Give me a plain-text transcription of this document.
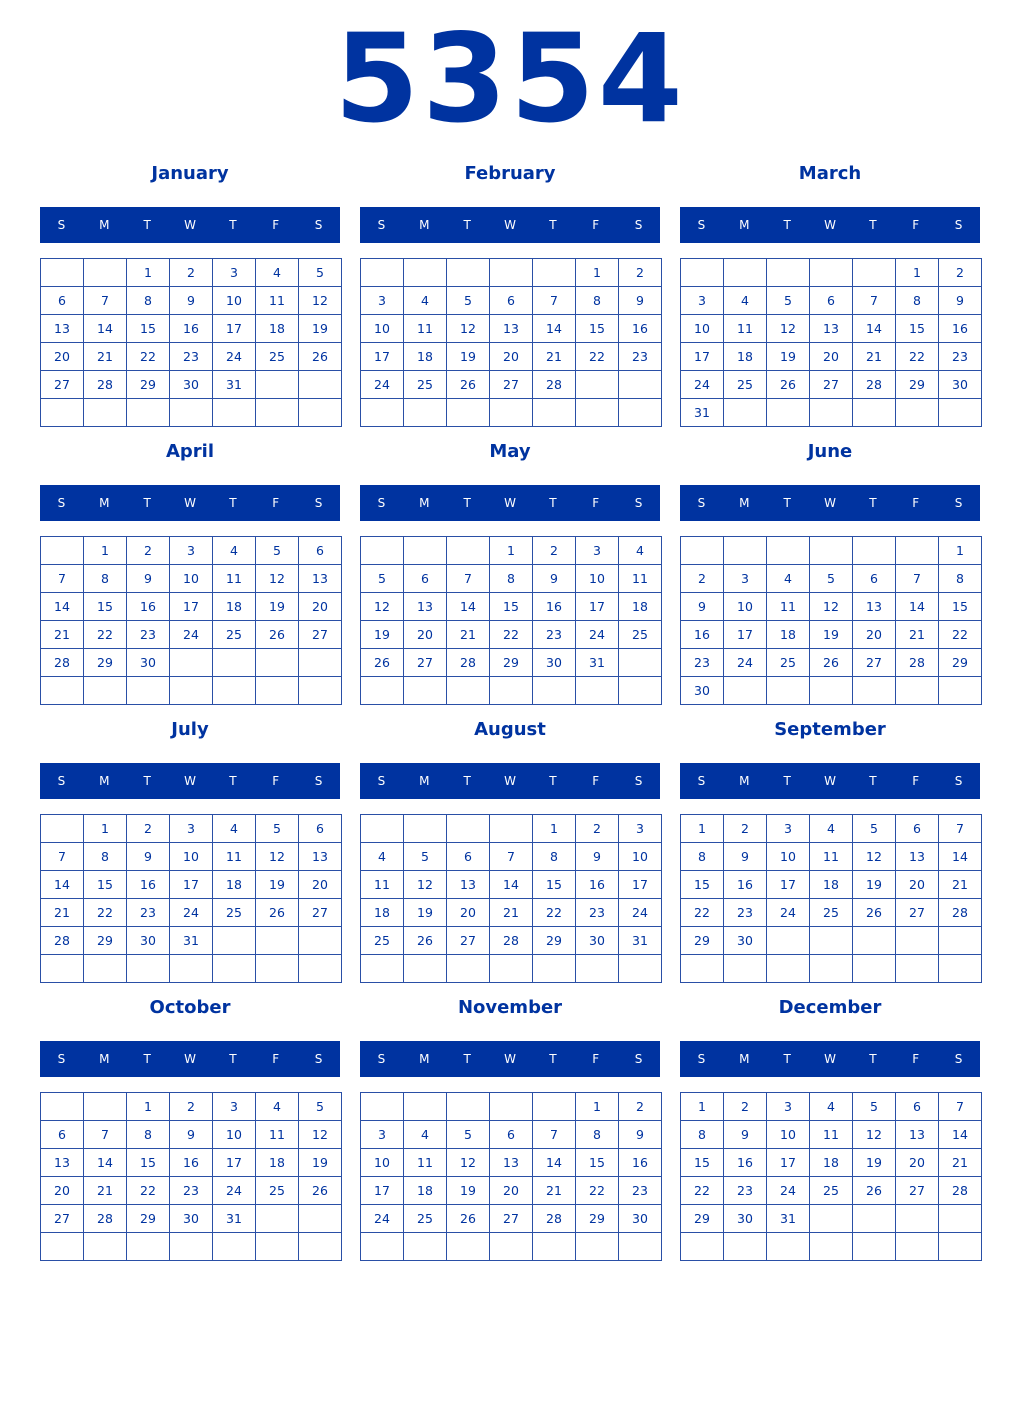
5354
January
S	M	T	W	T	F	S
		1	2	3	4	5
6	7	8	9	10	11	12
13	14	15	16	17	18	19
20	21	22	23	24	25	26
27	28	29	30	31		

February
S	M	T	W	T	F	S
					1	2
3	4	5	6	7	8	9
10	11	12	13	14	15	16
17	18	19	20	21	22	23
24	25	26	27	28		

March
S	M	T	W	T	F	S
					1	2
3	4	5	6	7	8	9
10	11	12	13	14	15	16
17	18	19	20	21	22	23
24	25	26	27	28	29	30
31						
April
S	M	T	W	T	F	S
	1	2	3	4	5	6
7	8	9	10	11	12	13
14	15	16	17	18	19	20
21	22	23	24	25	26	27
28	29	30				

May
S	M	T	W	T	F	S
			1	2	3	4
5	6	7	8	9	10	11
12	13	14	15	16	17	18
19	20	21	22	23	24	25
26	27	28	29	30	31	

June
S	M	T	W	T	F	S
						1
2	3	4	5	6	7	8
9	10	11	12	13	14	15
16	17	18	19	20	21	22
23	24	25	26	27	28	29
30						
July
S	M	T	W	T	F	S
	1	2	3	4	5	6
7	8	9	10	11	12	13
14	15	16	17	18	19	20
21	22	23	24	25	26	27
28	29	30	31			

August
S	M	T	W	T	F	S
				1	2	3
4	5	6	7	8	9	10
11	12	13	14	15	16	17
18	19	20	21	22	23	24
25	26	27	28	29	30	31

September
S	M	T	W	T	F	S
1	2	3	4	5	6	7
8	9	10	11	12	13	14
15	16	17	18	19	20	21
22	23	24	25	26	27	28
29	30					

October
S	M	T	W	T	F	S
		1	2	3	4	5
6	7	8	9	10	11	12
13	14	15	16	17	18	19
20	21	22	23	24	25	26
27	28	29	30	31		

November
S	M	T	W	T	F	S
					1	2
3	4	5	6	7	8	9
10	11	12	13	14	15	16
17	18	19	20	21	22	23
24	25	26	27	28	29	30

December
S	M	T	W	T	F	S
1	2	3	4	5	6	7
8	9	10	11	12	13	14
15	16	17	18	19	20	21
22	23	24	25	26	27	28
29	30	31				
